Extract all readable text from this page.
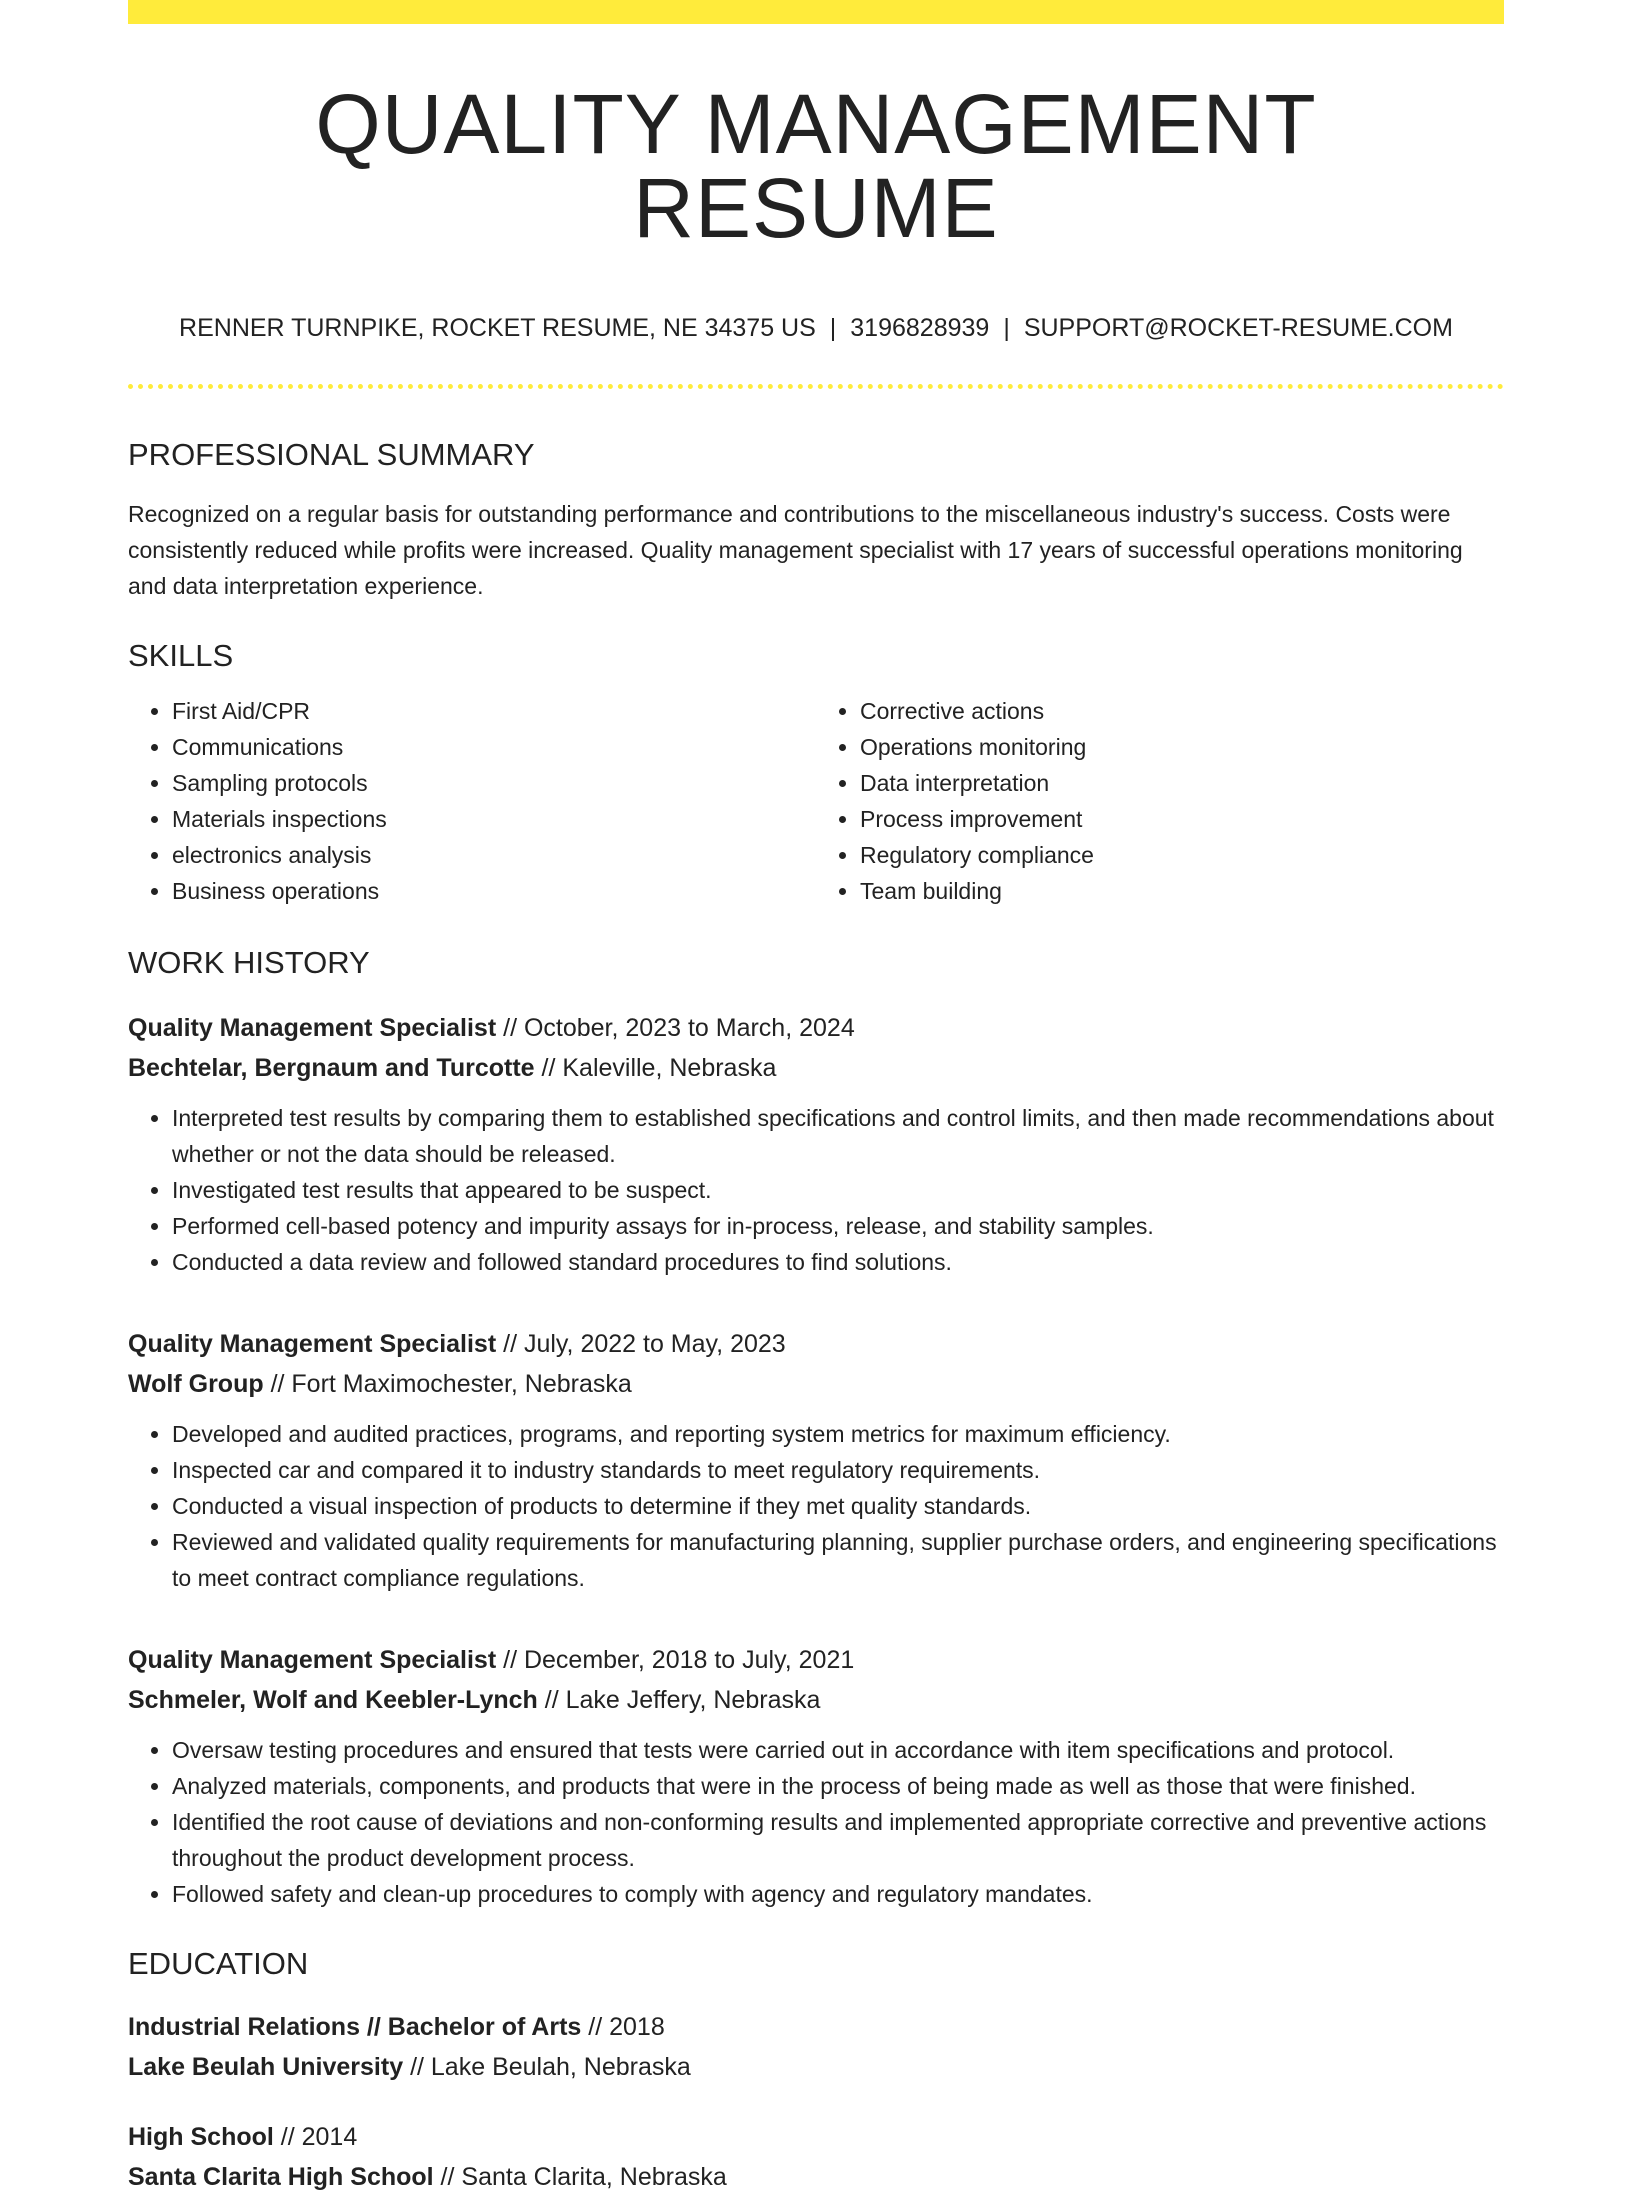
QUALITY MANAGEMENT RESUME
RENNER TURNPIKE, ROCKET RESUME, NE 34375 US | 3196828939 | SUPPORT@ROCKET-RESUME.COM
PROFESSIONAL SUMMARY
Recognized on a regular basis for outstanding performance and contributions to the miscellaneous industry's success. Costs were consistently reduced while profits were increased. Quality management specialist with 17 years of successful operations monitoring and data interpretation experience.
SKILLS
• First Aid/CPR
• Communications
• Sampling protocols
• Materials inspections
• electronics analysis
• Business operations
• Corrective actions
• Operations monitoring
• Data interpretation
• Process improvement
• Regulatory compliance
• Team building
WORK HISTORY
Quality Management Specialist // October, 2023 to March, 2024
Bechtelar, Bergnaum and Turcotte // Kaleville, Nebraska
• Interpreted test results by comparing them to established specifications and control limits, and then made recommendations about whether or not the data should be released.
• Investigated test results that appeared to be suspect.
• Performed cell-based potency and impurity assays for in-process, release, and stability samples.
• Conducted a data review and followed standard procedures to find solutions.
Quality Management Specialist // July, 2022 to May, 2023
Wolf Group // Fort Maximochester, Nebraska
• Developed and audited practices, programs, and reporting system metrics for maximum efficiency.
• Inspected car and compared it to industry standards to meet regulatory requirements.
• Conducted a visual inspection of products to determine if they met quality standards.
• Reviewed and validated quality requirements for manufacturing planning, supplier purchase orders, and engineering specifications to meet contract compliance regulations.
Quality Management Specialist // December, 2018 to July, 2021
Schmeler, Wolf and Keebler-Lynch // Lake Jeffery, Nebraska
• Oversaw testing procedures and ensured that tests were carried out in accordance with item specifications and protocol.
• Analyzed materials, components, and products that were in the process of being made as well as those that were finished.
• Identified the root cause of deviations and non-conforming results and implemented appropriate corrective and preventive actions throughout the product development process.
• Followed safety and clean-up procedures to comply with agency and regulatory mandates.
EDUCATION
Industrial Relations // Bachelor of Arts // 2018
Lake Beulah University // Lake Beulah, Nebraska
High School // 2014
Santa Clarita High School // Santa Clarita, Nebraska
